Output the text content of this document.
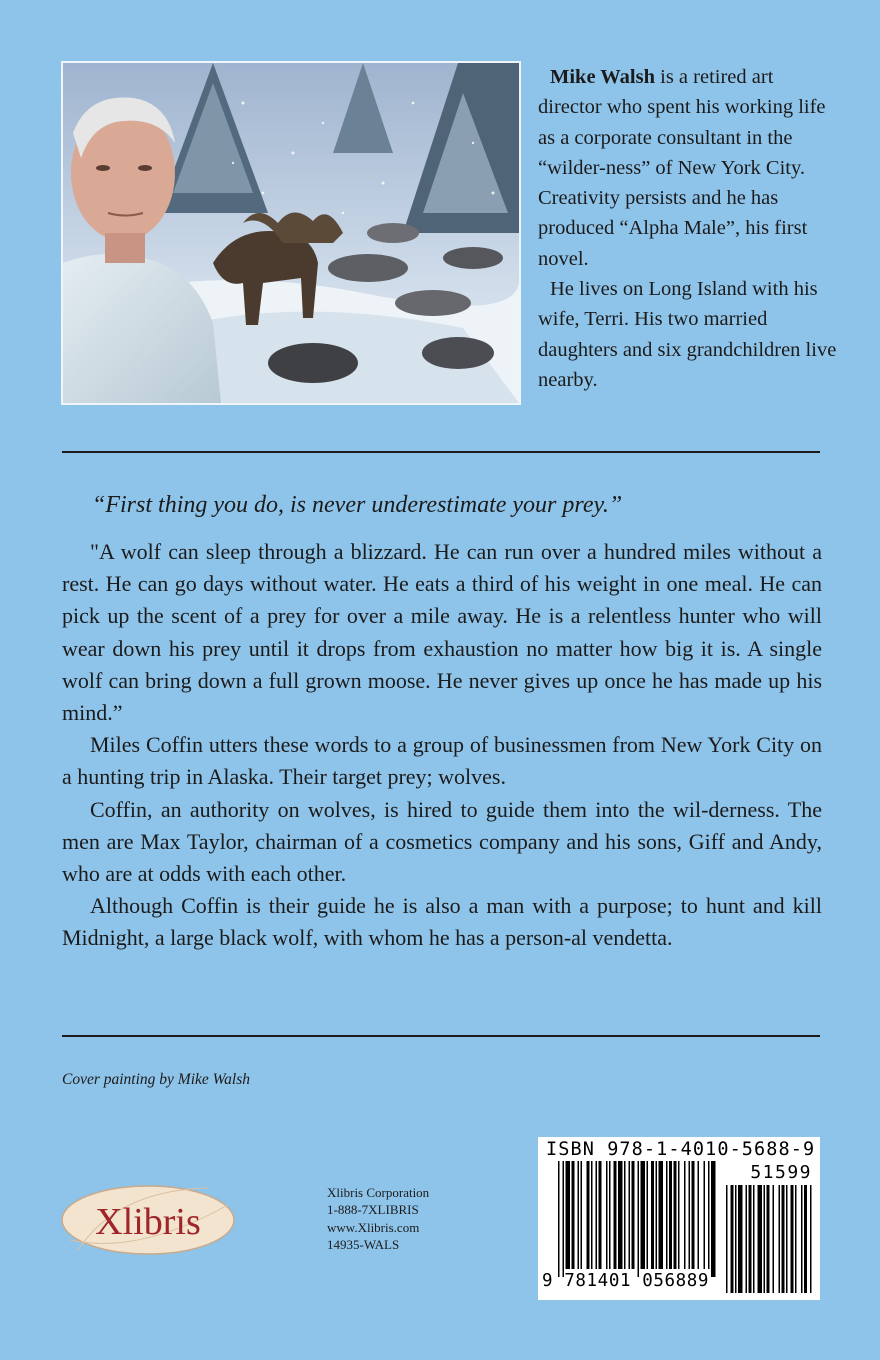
Mike Walsh is a retired art director who spent his working life as a corporate consultant in the “wilder-ness” of New York City. Creativity persists and he has produced “Alpha Male”, his first novel.

He lives on Long Island with his wife, Terri. His two married daughters and six grandchildren live nearby.

“First thing you do, is never underestimate your prey.”

"A wolf can sleep through a blizzard. He can run over a hundred miles without a rest. He can go days without water. He eats a third of his weight in one meal. He can pick up the scent of a prey for over a mile away. He is a relentless hunter who will wear down his prey until it drops from exhaustion no matter how big it is. A single wolf can bring down a full grown moose. He never gives up once he has made up his mind.”

Miles Coffin utters these words to a group of businessmen from New York City on a hunting trip in Alaska. Their target prey; wolves.

Coffin, an authority on wolves, is hired to guide them into the wil-derness. The men are Max Taylor, chairman of a cosmetics company and his sons, Giff and Andy, who are at odds with each other.

Although Coffin is their guide he is also a man with a purpose; to hunt and kill Midnight, a large black wolf, with whom he has a person-al vendetta.

Cover painting by Mike Walsh
Xlibris
Xlibris Corporation
1-888-7XLIBRIS
www.Xlibris.com
14935-WALS
ISBN 978-1-4010-5688-9
51599
9 781401 056889
